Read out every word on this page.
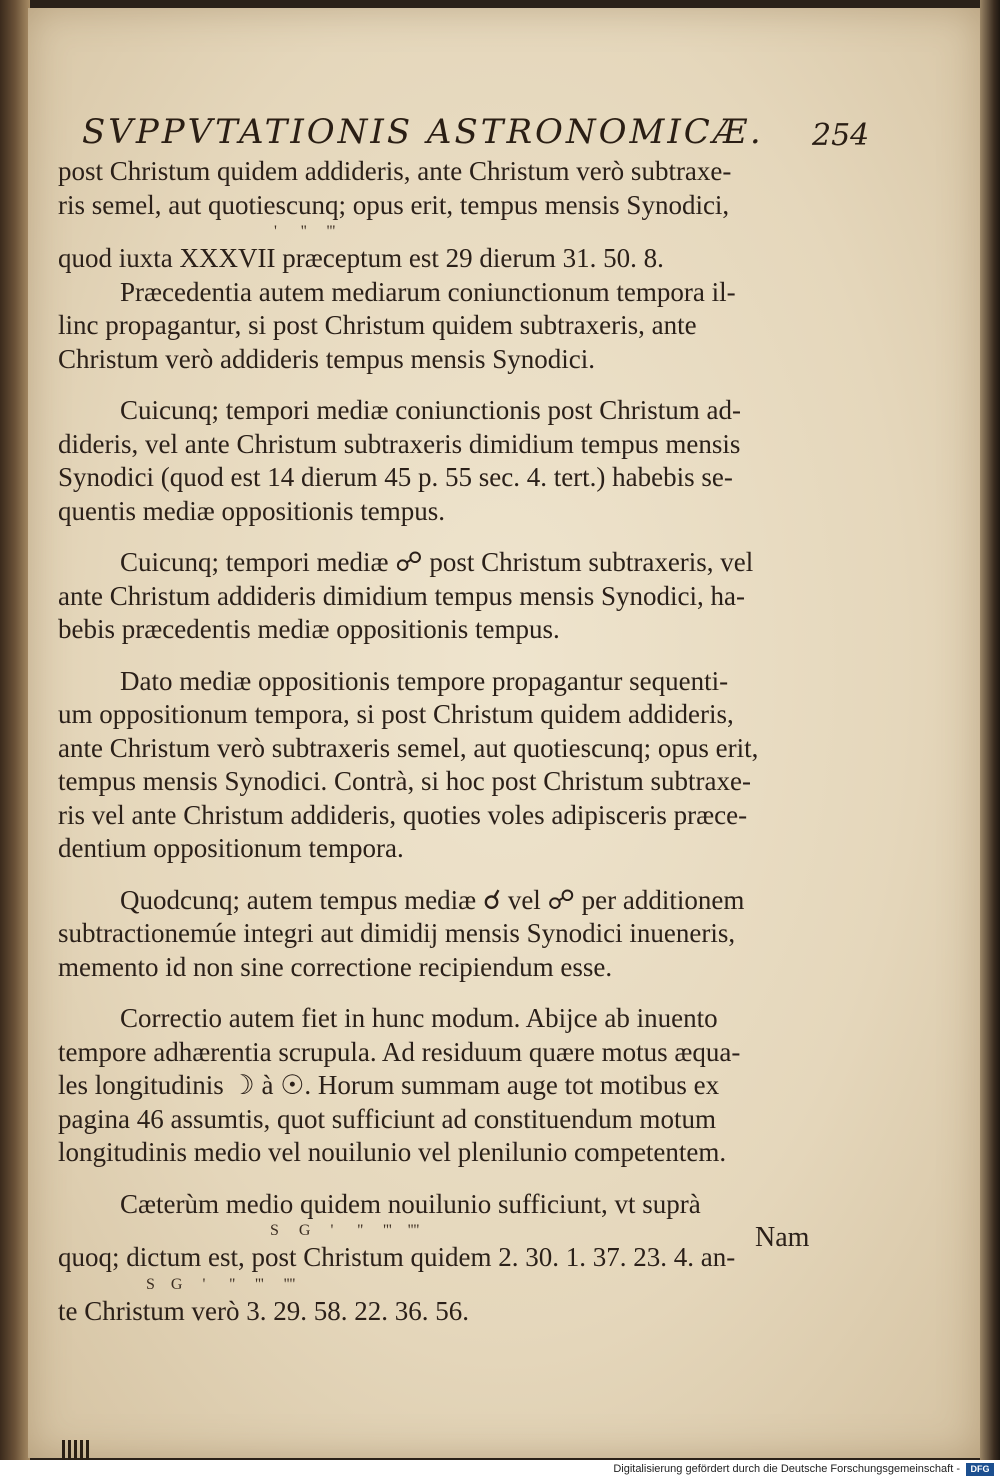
SVPPVTATIONIS ASTRONOMICÆ.	254
post Christum quidem addideris, ante Christum verò subtraxe-
ris semel, aut quotiescunq; opus erit, tempus mensis Synodici,
'      ''     '''
quod iuxta XXXVII præceptum est 29 dierum 31. 50. 8.
Præcedentia autem mediarum coniunctionum tempora il-
linc propagantur, si post Christum quidem subtraxeris, ante
Christum verò addideris tempus mensis Synodici.
Cuicunq; tempori mediæ coniunctionis post Christum ad-
dideris, vel ante Christum subtraxeris dimidium tempus mensis
Synodici (quod est 14 dierum 45 p. 55 sec. 4. tert.) habebis se-
quentis mediæ oppositionis tempus.
Cuicunq; tempori mediæ ☍ post Christum subtraxeris, vel
ante Christum addideris dimidium tempus mensis Synodici, ha-
bebis præcedentis mediæ oppositionis tempus.
Dato mediæ oppositionis tempore propagantur sequenti-
um oppositionum tempora, si post Christum quidem addideris,
ante Christum verò subtraxeris semel, aut quotiescunq; opus erit,
tempus mensis Synodici. Contrà, si hoc post Christum subtraxe-
ris vel ante Christum addideris, quoties voles adipisceris præce-
dentium oppositionum tempora.
Quodcunq; autem tempus mediæ ☌ vel ☍ per additionem
subtractionemúe integri aut dimidij mensis Synodici inueneris,
memento id non sine correctione recipiendum esse.
Correctio autem fiet in hunc modum. Abijce ab inuento
tempore adhærentia scrupula. Ad residuum quære motus æqua-
les longitudinis ☽ à ☉. Horum summam auge tot motibus ex
pagina 46 assumtis, quot sufficiunt ad constituendum motum
longitudinis medio vel nouilunio vel plenilunio competentem.
Cæterùm medio quidem nouilunio sufficiunt, vt suprà
S     G     '      ''     '''    ''''
quoq; dictum est, post Christum quidem 2. 30. 1. 37. 23. 4. an-
S    G     '      ''     '''     ''''
te Christum verò 3. 29. 58. 22. 36. 56.
Nam
Digitalisierung gefördert durch die Deutsche Forschungsgemeinschaft -	DFG
